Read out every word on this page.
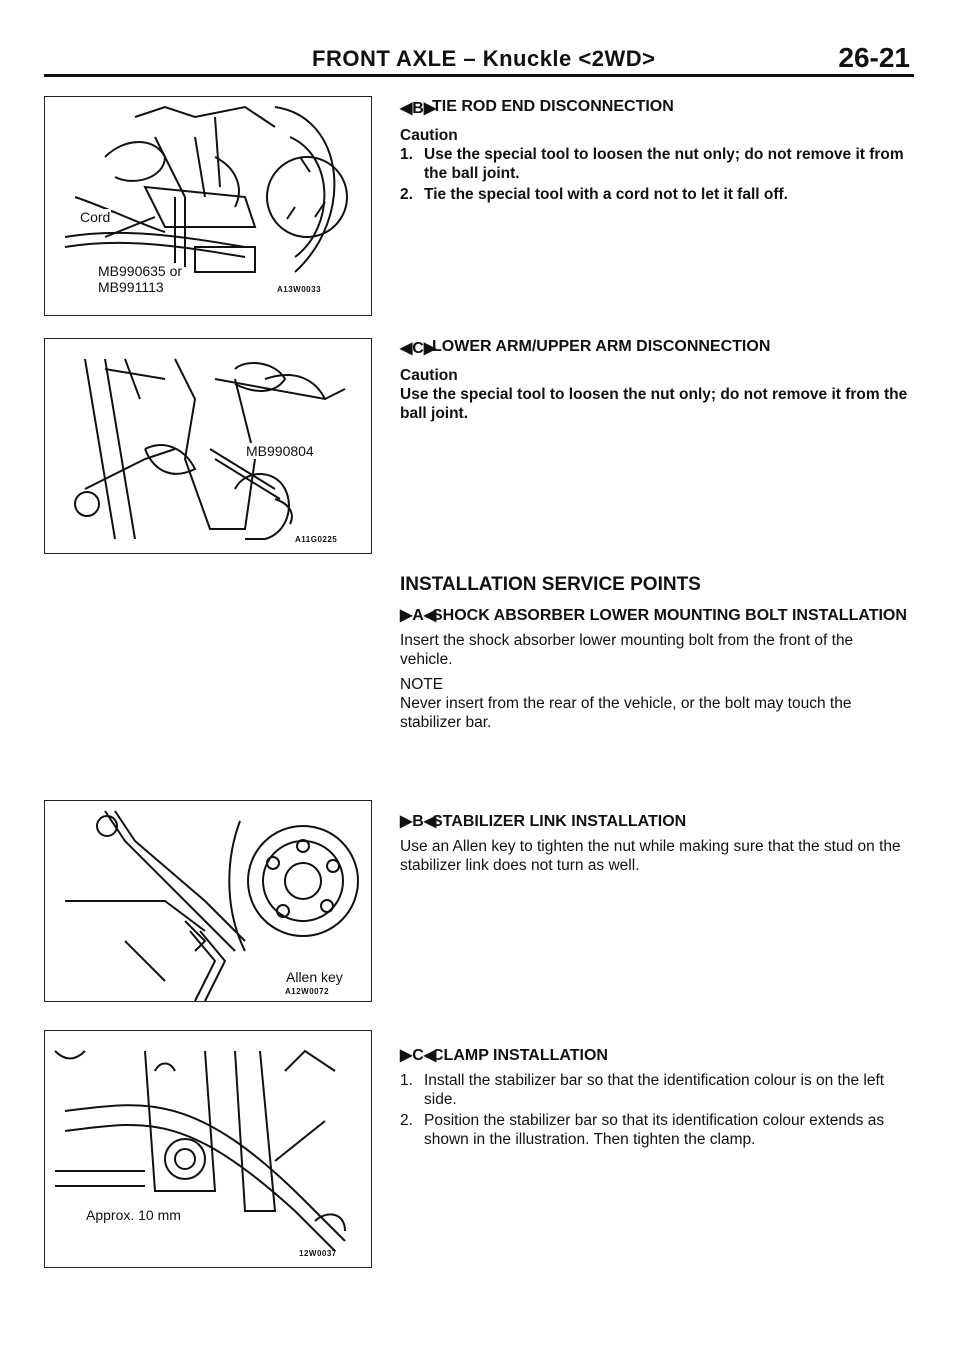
FRONT AXLE – Knuckle <2WD>	26-21
Cord
MB990635 or
MB991113	A13W0033
MB990804
A11G0225
Allen key
A12W0072
Approx. 10 mm
12W0037
◀B▶
TIE ROD END DISCONNECTION

Caution

1. Use the special tool to loosen the nut only; do not remove it from the ball joint.
2. Tie the special tool with a cord not to let it fall off.
◀C▶
LOWER ARM/UPPER ARM DISCONNECTION

Caution

Use the special tool to loosen the nut only; do not remove it from the ball joint.

INSTALLATION SERVICE POINTS

▶A◀
SHOCK ABSORBER LOWER MOUNTING BOLT INSTALLATION

Insert the shock absorber lower mounting bolt from the front of the vehicle.

NOTE

Never insert from the rear of the vehicle, or the bolt may touch the stabilizer bar.

▶B◀
STABILIZER LINK INSTALLATION

Use an Allen key to tighten the nut while making sure that the stud on the stabilizer link does not turn as well.

▶C◀
CLAMP INSTALLATION
1. Install the stabilizer bar so that the identification colour is on the left side.
2. Position the stabilizer bar so that its identification colour extends as shown in the illustration. Then tighten the clamp.
